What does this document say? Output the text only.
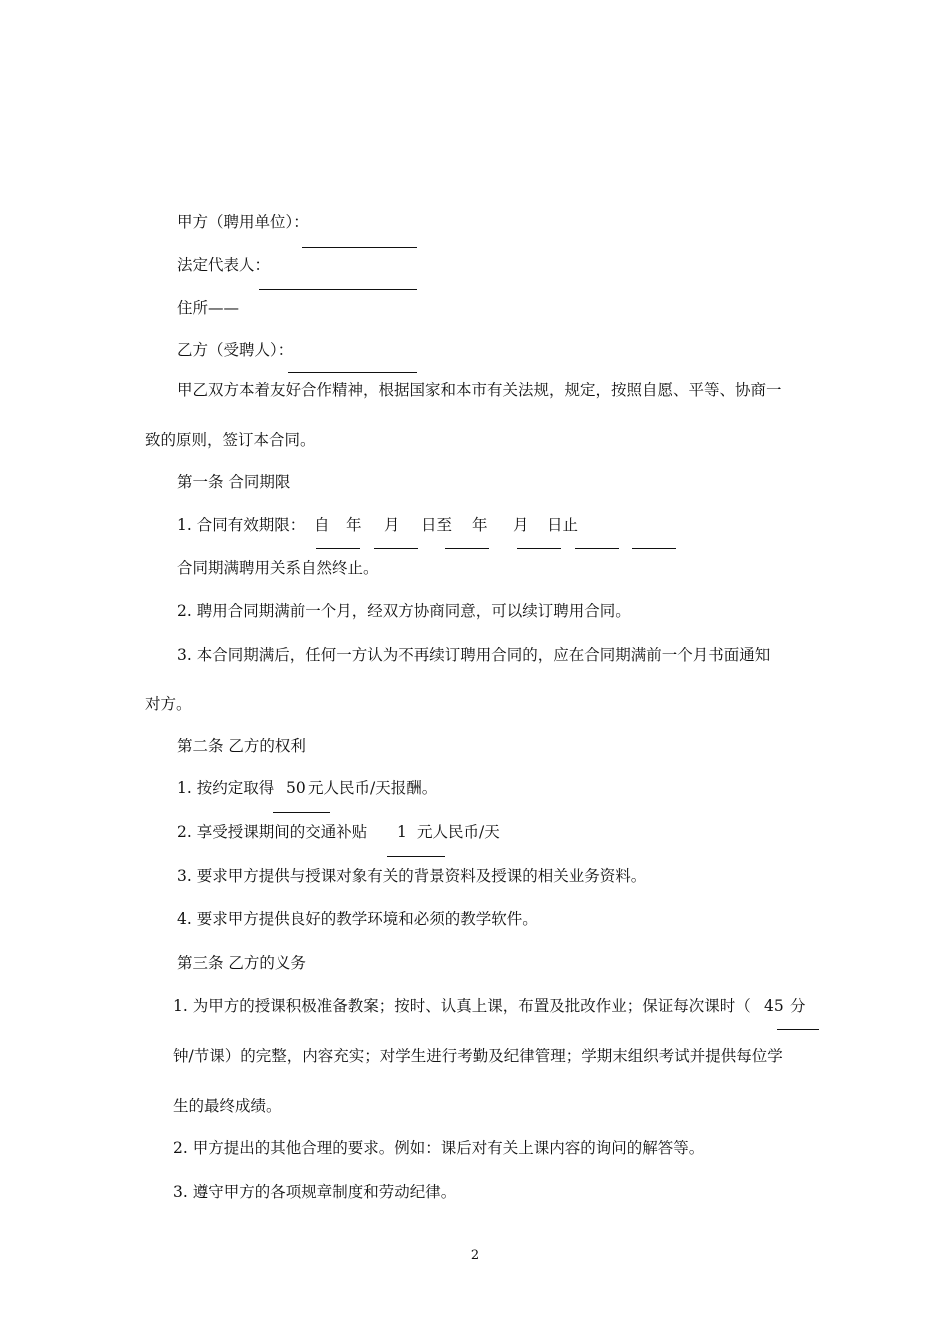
甲方（聘用单位）：
法定代表人：
住所——
乙方（受聘人）：
甲乙双方本着友好合作精神，根据国家和本市有关法规，规定，按照自愿、平等、协商一
致的原则，签订本合同。
第一条 合同期限
1. 合同有效期限： 自 年 月 日至 年 月 日止
合同期满聘用关系自然终止。
2. 聘用合同期满前一个月，经双方协商同意，可以续订聘用合同。
3. 本合同期满后，任何一方认为不再续订聘用合同的，应在合同期满前一个月书面通知
对方。
第二条 乙方的权利
1. 按约定取得 50 元人民币/天报酬。
2. 享受授课期间的交通补贴 1 元人民币/天
3. 要求甲方提供与授课对象有关的背景资料及授课的相关业务资料。
4. 要求甲方提供良好的教学环境和必须的教学软件。
第三条 乙方的义务
1. 为甲方的授课积极准备教案；按时、认真上课，布置及批改作业；保证每次课时（ 45 分
钟/节课）的完整，内容充实；对学生进行考勤及纪律管理；学期末组织考试并提供每位学
生的最终成绩。
2. 甲方提出的其他合理的要求。例如：课后对有关上课内容的询问的解答等。
3. 遵守甲方的各项规章制度和劳动纪律。
2
